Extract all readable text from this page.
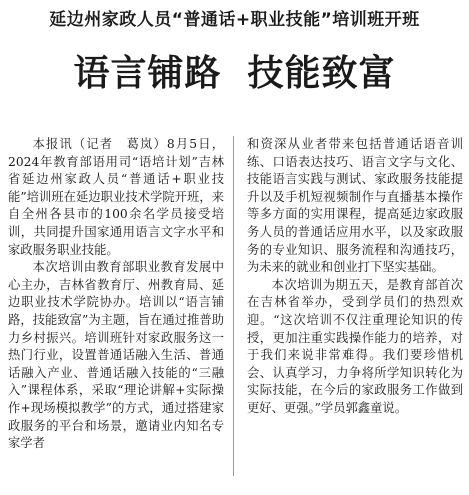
延边州家政人员“普通话+职业技能”培训班开班
语言铺路 技能致富

本报讯（记者　葛岚）8月5日，2024年教育部语用司“语培计划”吉林省延边州家政人员“普通话+职业技能”培训班在延边职业技术学院开班，来自全州各县市的100余名学员接受培训，共同提升国家通用语言文字水平和家政服务职业技能。

本次培训由教育部职业教育发展中心主办，吉林省教育厅、州教育局、延边职业技术学院协办。培训以“语言铺路，技能致富”为主题，旨在通过推普助力乡村振兴。培训班针对家政服务这一热门行业，设置普通话融入生活、普通话融入产业、普通话融入技能的“三融入”课程体系，采取“理论讲解+实际操作+现场模拟教学”的方式，通过搭建家政服务的平台和场景，邀请业内知名专家学者

和资深从业者带来包括普通话语音训练、口语表达技巧、语言文字与文化、技能语言实践与测试、家政服务技能提升以及手机短视频制作与直播基本操作等多方面的实用课程，提高延边家政服务人员的普通话应用水平，以及家政服务的专业知识、服务流程和沟通技巧，为未来的就业和创业打下坚实基础。

本次培训为期五天，是教育部首次在吉林省举办，受到学员们的热烈欢迎。“这次培训不仅注重理论知识的传授，更加注重实践操作能力的培养，对于我们来说非常难得。我们要珍惜机会、认真学习，力争将所学知识转化为实际技能，在今后的家政服务工作做到更好、更强。”学员郭鑫童说。
